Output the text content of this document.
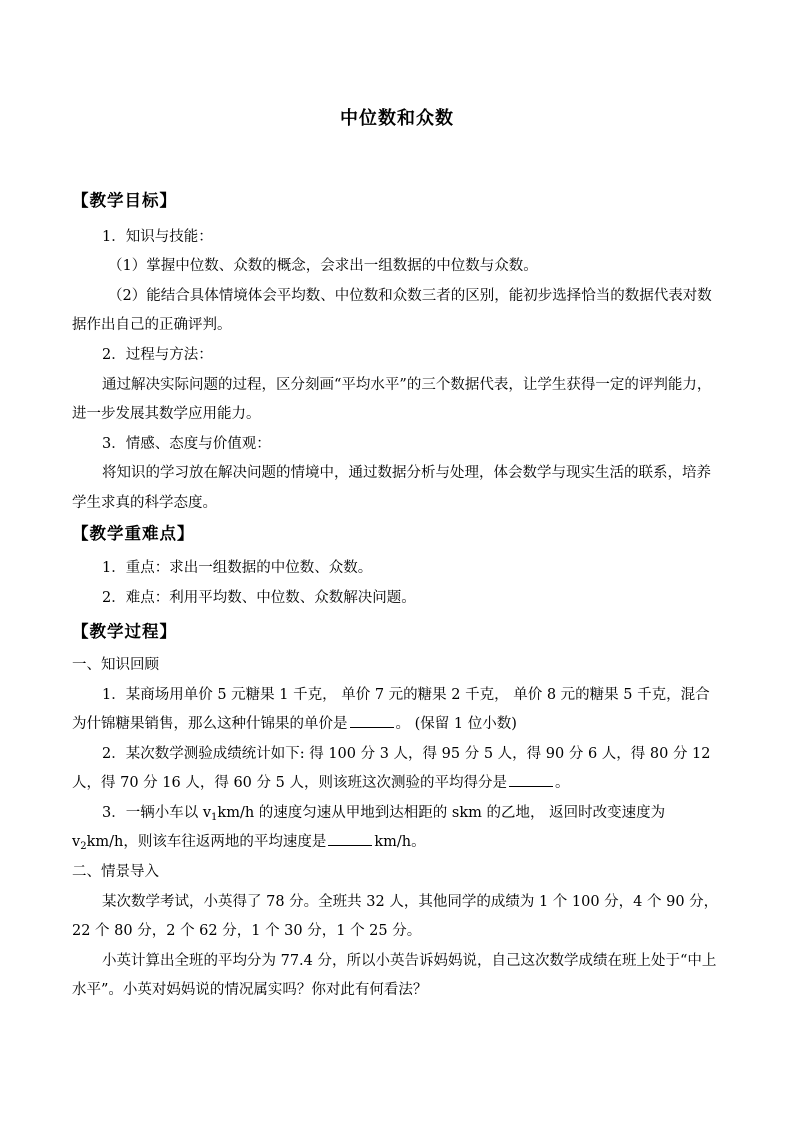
中位数和众数
【教学目标】

1．知识与技能：

（1）掌握中位数、众数的概念，会求出一组数据的中位数与众数。

（2）能结合具体情境体会平均数、中位数和众数三者的区别，能初步选择恰当的数据代表对数据作出自己的正确评判。

2．过程与方法：

通过解决实际问题的过程，区分刻画“平均水平”的三个数据代表，让学生获得一定的评判能力，进一步发展其数学应用能力。

3．情感、态度与价值观：

将知识的学习放在解决问题的情境中，通过数据分析与处理，体会数学与现实生活的联系，培养学生求真的科学态度。

【教学重难点】

1．重点：求出一组数据的中位数、众数。

2．难点：利用平均数、中位数、众数解决问题。

【教学过程】

一、知识回顾

1．某商场用单价 5 元糖果 1 千克， 单价 7 元的糖果 2 千克， 单价 8 元的糖果 5 千克，混合为什锦糖果销售，那么这种什锦果的单价是	。 (保留 1 位小数)

2．某次数学测验成绩统计如下: 得 100 分 3 人，得 95 分 5 人，得 90 分 6 人，得 80 分 12 人，得 70 分 16 人，得 60 分 5 人，则该班这次测验的平均得分是	。

3．一辆小车以 $v_1km/h$ 的速度匀速从甲地到达相距的 skm 的乙地， 返回时改变速度为 $v_2km/h$，则该车往返两地的平均速度是	km/h。

二、情景导入

某次数学考试，小英得了 78 分。全班共 32 人，其他同学的成绩为 1 个 100 分，4 个 90 分，22 个 80 分，2 个 62 分，1 个 30 分，1 个 25 分。

小英计算出全班的平均分为 77.4 分，所以小英告诉妈妈说，自己这次数学成绩在班上处于“中上水平”。小英对妈妈说的情况属实吗？你对此有何看法？
